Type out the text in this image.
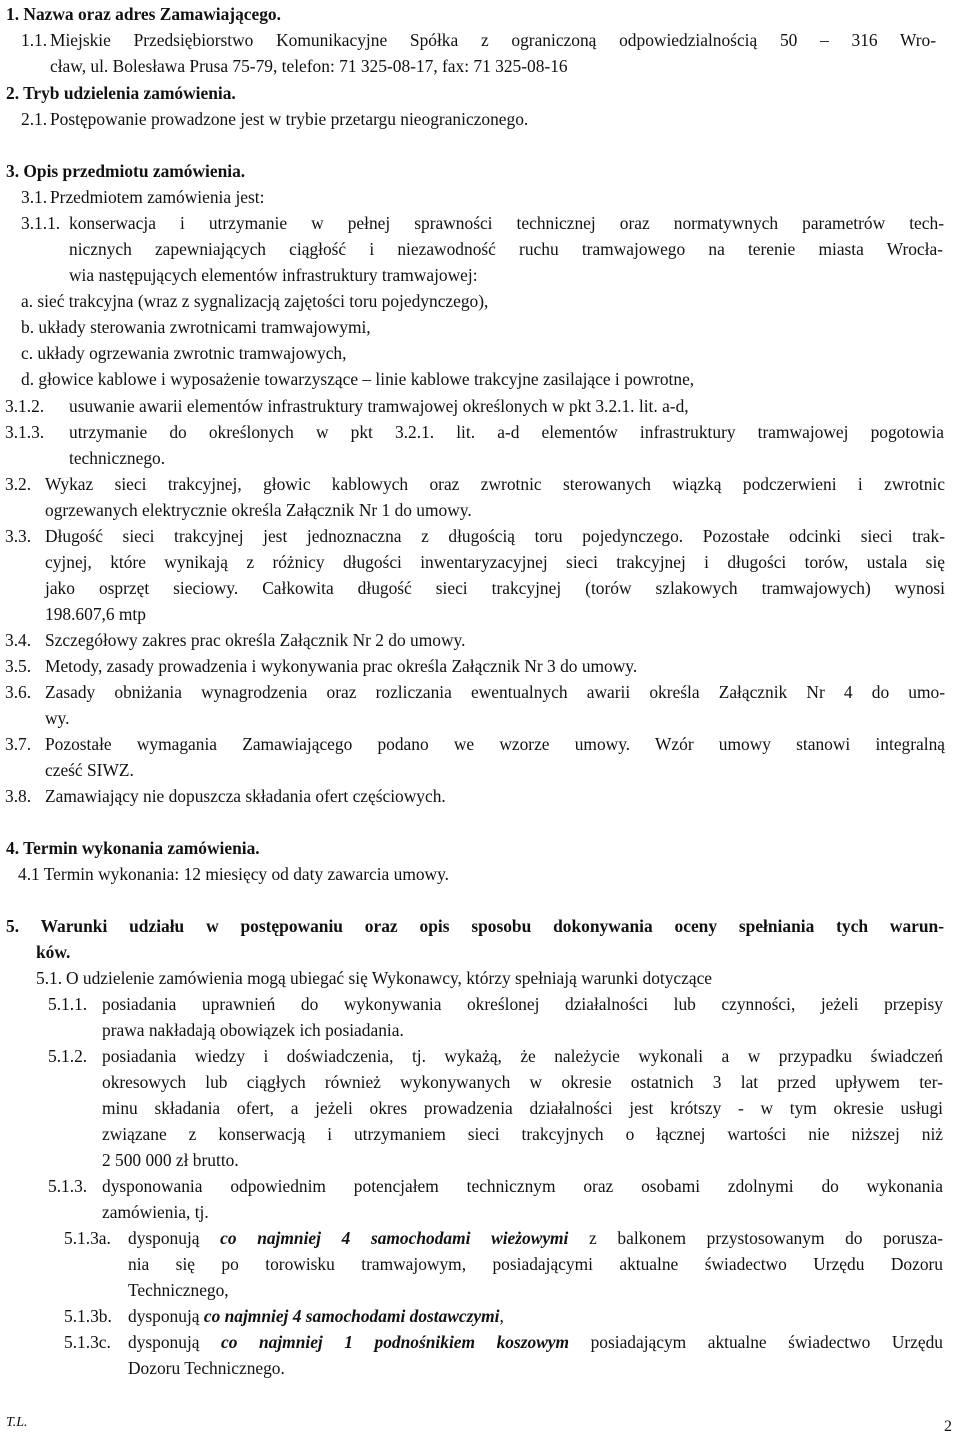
1. Nazwa oraz adres Zamawiającego.
1.1. Miejskie Przedsiębiorstwo Komunikacyjne Spółka z ograniczoną odpowiedzialnością 50 – 316 Wro-
cław, ul. Bolesława Prusa 75-79, telefon: 71 325-08-17, fax: 71 325-08-16
2. Tryb udzielenia zamówienia.
2.1. Postępowanie prowadzone jest w trybie przetargu nieograniczonego.
3. Opis przedmiotu zamówienia.
3.1. Przedmiotem zamówienia jest:
3.1.1. konserwacja i utrzymanie w pełnej sprawności technicznej oraz normatywnych parametrów tech-
nicznych zapewniających ciągłość i niezawodność ruchu tramwajowego na terenie miasta Wrocła-
wia następujących elementów infrastruktury tramwajowej:
a. sieć trakcyjna (wraz z sygnalizacją zajętości toru pojedynczego),
b. układy sterowania zwrotnicami tramwajowymi,
c. układy ogrzewania zwrotnic tramwajowych,
d. głowice kablowe i wyposażenie towarzyszące – linie kablowe trakcyjne zasilające i powrotne,
3.1.2. usuwanie awarii elementów infrastruktury tramwajowej określonych w pkt 3.2.1. lit. a-d,
3.1.3. utrzymanie do określonych w pkt 3.2.1. lit. a-d elementów infrastruktury tramwajowej pogotowia
technicznego.
3.2. Wykaz sieci trakcyjnej, głowic kablowych oraz zwrotnic sterowanych wiązką podczerwieni i zwrotnic
ogrzewanych elektrycznie określa Załącznik Nr 1 do umowy.
3.3. Długość sieci trakcyjnej jest jednoznaczna z długością toru pojedynczego. Pozostałe odcinki sieci trak-
cyjnej, które wynikają z różnicy długości inwentaryzacyjnej sieci trakcyjnej i długości torów, ustala się
jako osprzęt sieciowy. Całkowita długość sieci trakcyjnej (torów szlakowych tramwajowych) wynosi
198.607,6 mtp
3.4. Szczegółowy zakres prac określa Załącznik Nr 2 do umowy.
3.5. Metody, zasady prowadzenia i wykonywania prac określa Załącznik Nr 3 do umowy.
3.6. Zasady obniżania wynagrodzenia oraz rozliczania ewentualnych awarii określa Załącznik Nr 4 do umo-
wy.
3.7. Pozostałe wymagania Zamawiającego podano we wzorze umowy. Wzór umowy stanowi integralną
cześć SIWZ.
3.8. Zamawiający nie dopuszcza składania ofert częściowych.
4. Termin wykonania zamówienia.
4.1 Termin wykonania: 12 miesięcy od daty zawarcia umowy.
5. Warunki udziału w postępowaniu oraz opis sposobu dokonywania oceny spełniania tych warun-
ków.
5.1. O udzielenie zamówienia mogą ubiegać się Wykonawcy, którzy spełniają warunki dotyczące
5.1.1. posiadania uprawnień do wykonywania określonej działalności lub czynności, jeżeli przepisy
prawa nakładają obowiązek ich posiadania.
5.1.2. posiadania wiedzy i doświadczenia, tj. wykażą, że należycie wykonali a w przypadku świadczeń
okresowych lub ciągłych również wykonywanych w okresie ostatnich 3 lat przed upływem ter-
minu składania ofert, a jeżeli okres prowadzenia działalności jest krótszy - w tym okresie usługi
związane z konserwacją i utrzymaniem sieci trakcyjnych o łącznej wartości nie niższej niż
2 500 000 zł brutto.
5.1.3. dysponowania odpowiednim potencjałem technicznym oraz osobami zdolnymi do wykonania
zamówienia, tj.
5.1.3a. dysponują co najmniej 4 samochodami wieżowymi z balkonem przystosowanym do porusza-
nia się po torowisku tramwajowym, posiadającymi aktualne świadectwo Urzędu Dozoru
Technicznego,
5.1.3b. dysponują co najmniej 4 samochodami dostawczymi,
5.1.3c. dysponują co najmniej 1 podnośnikiem koszowym posiadającym aktualne świadectwo Urzędu
Dozoru Technicznego.
T.L.	2
